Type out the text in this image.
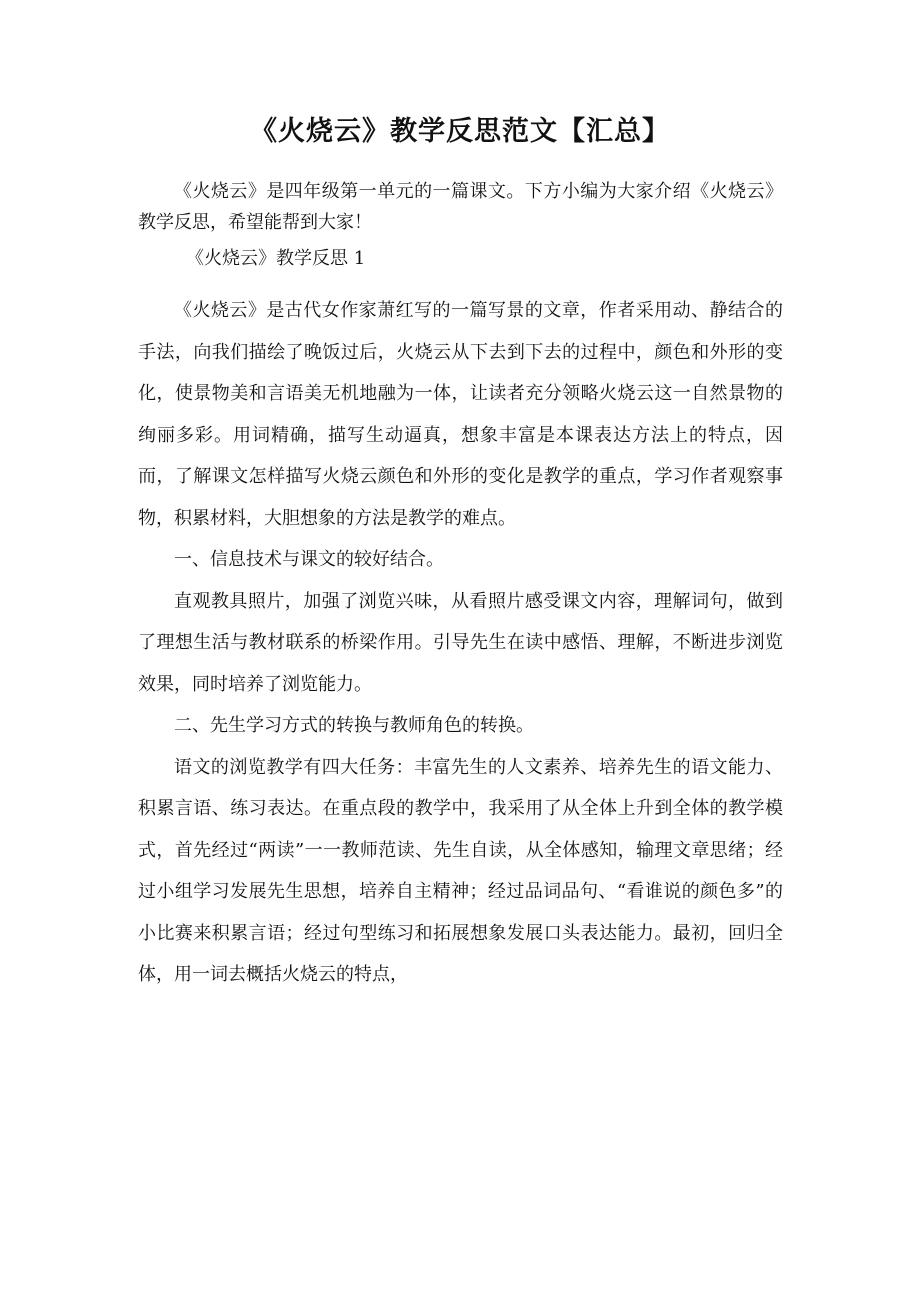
《火烧云》教学反思范文【汇总】
《火烧云》是四年级第一单元的一篇课文。下方小编为大家介绍《火烧云》教学反思，希望能帮到大家！
《火烧云》教学反思 1

《火烧云》是古代女作家萧红写的一篇写景的文章，作者采用动、静结合的手法，向我们描绘了晚饭过后，火烧云从下去到下去的过程中，颜色和外形的变化，使景物美和言语美无机地融为一体，让读者充分领略火烧云这一自然景物的绚丽多彩。用词精确，描写生动逼真，想象丰富是本课表达方法上的特点，因而，了解课文怎样描写火烧云颜色和外形的变化是教学的重点，学习作者观察事物，积累材料，大胆想象的方法是教学的难点。

一、信息技术与课文的较好结合。

直观教具照片，加强了浏览兴味，从看照片感受课文内容，理解词句，做到了理想生活与教材联系的桥梁作用。引导先生在读中感悟、理解，不断进步浏览效果，同时培养了浏览能力。

二、先生学习方式的转换与教师角色的转换。

语文的浏览教学有四大任务：丰富先生的人文素养、培养先生的语文能力、积累言语、练习表达。在重点段的教学中，我采用了从全体上升到全体的教学模式，首先经过“两读”一一教师范读、先生自读，从全体感知，输理文章思绪；经过小组学习发展先生思想，培养自主精神；经过品词品句、“看谁说的颜色多”的小比赛来积累言语；经过句型练习和拓展想象发展口头表达能力。最初，回归全体，用一词去概括火烧云的特点，
